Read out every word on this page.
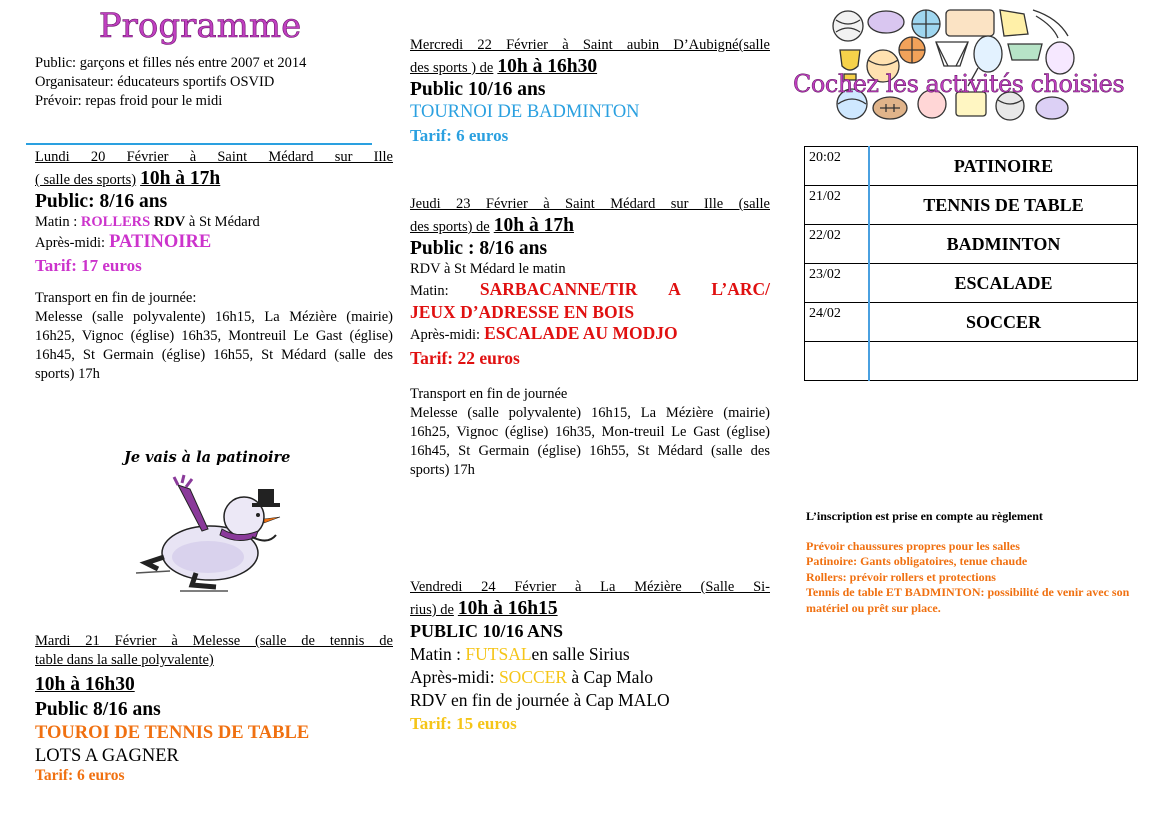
Programme
Public: garçons et filles nés entre 2007 et 2014
Organisateur: éducateurs sportifs OSVID
Prévoir: repas froid pour le midi
Lundi 20 Février à Saint Médard sur Ille
( salle des sports) 10h à 17h
Public: 8/16 ans
Matin : ROLLERS RDV à St Médard
Après-midi: PATINOIRE
Tarif: 17 euros
Transport en fin de journée:
Melesse (salle polyvalente) 16h15, La Mézière (mairie) 16h25, Vignoc (église) 16h35, Montreuil Le Gast (église) 16h45, St Germain (église) 16h55, St Médard (salle des sports) 17h
Je vais à la patinoire
Mardi 21 Février à Melesse (salle de tennis de
table dans la salle polyvalente)
10h à 16h30
Public 8/16 ans
TOUROI DE TENNIS DE TABLE
LOTS A GAGNER
Tarif: 6 euros
Mercredi 22 Février à Saint aubin D’Aubigné(salle
des sports ) de 10h à 16h30
Public 10/16 ans
TOURNOI DE BADMINTON
Tarif: 6 euros
Jeudi 23 Février à Saint Médard sur Ille (salle
des sports) de 10h à 17h
Public : 8/16 ans
RDV à St Médard le matin
Matin: SARBACANNE/TIR A L’ARC/
JEUX D’ADRESSE EN BOIS
Après-midi: ESCALADE AU MODJO
Tarif: 22 euros
Transport en fin de journée
Melesse (salle polyvalente) 16h15, La Mézière (mairie) 16h25, Vignoc (église) 16h35, Mon-treuil Le Gast (église) 16h45, St Germain (église) 16h55, St Médard (salle des sports) 17h
Vendredi 24 Février à La Mézière (Salle Si-
rius) de 10h à 16h15
PUBLIC 10/16 ANS
Matin : FUTSALen salle Sirius
Après-midi: SOCCER à Cap Malo
RDV en fin de journée à Cap MALO
Tarif: 15 euros
Cochez les activités choisies
20:02	PATINOIRE
21/02	TENNIS DE TABLE
22/02	BADMINTON
23/02	ESCALADE
24/02	SOCCER

L’inscription est prise en compte au règlement
Prévoir chaussures propres pour les salles
Patinoire: Gants obligatoires, tenue chaude
Rollers: prévoir rollers et protections
Tennis de table ET BADMINTON: possibilité de venir avec son matériel ou prêt sur place.
